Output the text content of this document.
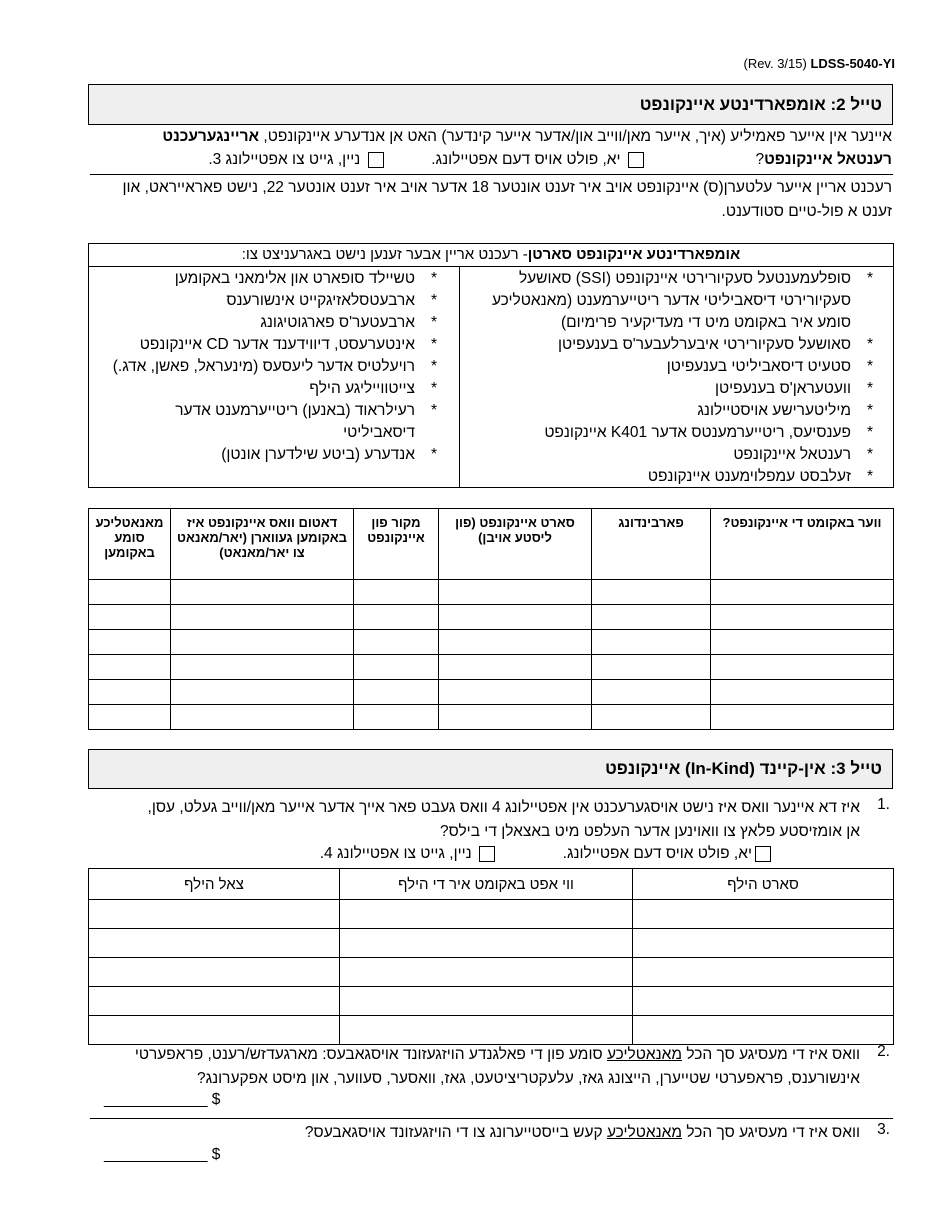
(Rev. 3/15) LDSS-5040-YI
טייל 2: אומפארדינטע איינקונפט
איינער אין אייער פאמיליע (איך, אייער מאן/ווייב און/אדער אייער קינדער) האט אן אנדערע איינקונפט, אריינגערעכנט
רענטאל איינקונפט?   יא, פולט אויס דעם אפטיילונג.   ניין, גייט צו אפטיילונג 3.
רעכנט אריין אייער עלטערן(ס) איינקונפט אויב איר זענט אונטער 18 אדער אויב איר זענט אונטער 22, נישט פאראייראט, און זענט א פול-טיים סטודענט.
אומפארדינטע איינקונפט סארטן- רעכנט אריין אבער זענען נישט באגרעניצט צו:
* סופלעמענטעל סעקיורירטי איינקונפט (SSI) סאושעל סעקיורירטי דיסאביליטי אדער ריטייערמענט (מאנאטליכע סומע איר באקומט מיט די מעדיקעיר פרימיום)
* סאושעל סעקיורירטי איבערלעבער'ס בענעפיטן
* סטעיט דיסאביליטי בענעפיטן
* וועטעראן'ס בענעפיטן
* מיליטערישע אויסטיילונג
* פענסיעס, ריטייערמענטס אדער K401 איינקונפט
* רענטאל איינקונפט
* זעלבסט עמפלוימענט איינקונפט
* טשיילד סופארט און אלימאני באקומען
* ארבעטסלאזיגקייט אינשורענס
* ארבעטער'ס פארגוטיגונג
* אינטערעסט, דיווידענד אדער CD איינקונפט
* רויעלטיס אדער ליעסעס (מינעראל, פאשן, אדג.)
* צייטווייליגע הילף
* רעילראוד (באנען) ריטייערמענט אדער דיסאביליטי
* אנדערע (ביטע שילדערן אונטן)
ווער באקומט די איינקונפט?	פארבינדונג	סארט איינקונפט (פון ליסטע אויבן)	מקור פון איינקונפט	דאטום וואס איינקונפט איז באקומען געווארן (יאר/מאנאט צו יאר/מאנאט)	מאנאטליכע סומע באקומען

טייל 3: אין-קיינד (In-Kind) איינקונפט
1.
איז דא איינער וואס איז נישט אויסגערעכנט אין אפטיילונג 4 וואס געבט פאר אייך אדער אייער מאן/ווייב געלט, עסן,
אן אומזיסטע פלאץ צו וואוינען אדער העלפט מיט באצאלן די בילס?
יא, פולט אויס דעם אפטיילונג.   ניין, גייט צו אפטיילונג 4.
סארט הילף	ווי אפט באקומט איר די הילף	צאל הילף

2.
וואס איז די מעסיגע סך הכל מאנאטליכע סומע פון די פאלגנדע הויזגעזונד אויסגאבעס: מארגעדזש/רענט, פראפערטי
אינשורענס, פראפערטי שטייערן, הייצונג גאז, עלעקטריציטעט, גאז, וואסער, סעווער, און מיסט אפקערונג?
____________ $
3.
וואס איז די מעסיגע סך הכל מאנאטליכע קעש בייסטייערונג צו די הויזגעזונד אויסגאבעס?
____________ $
